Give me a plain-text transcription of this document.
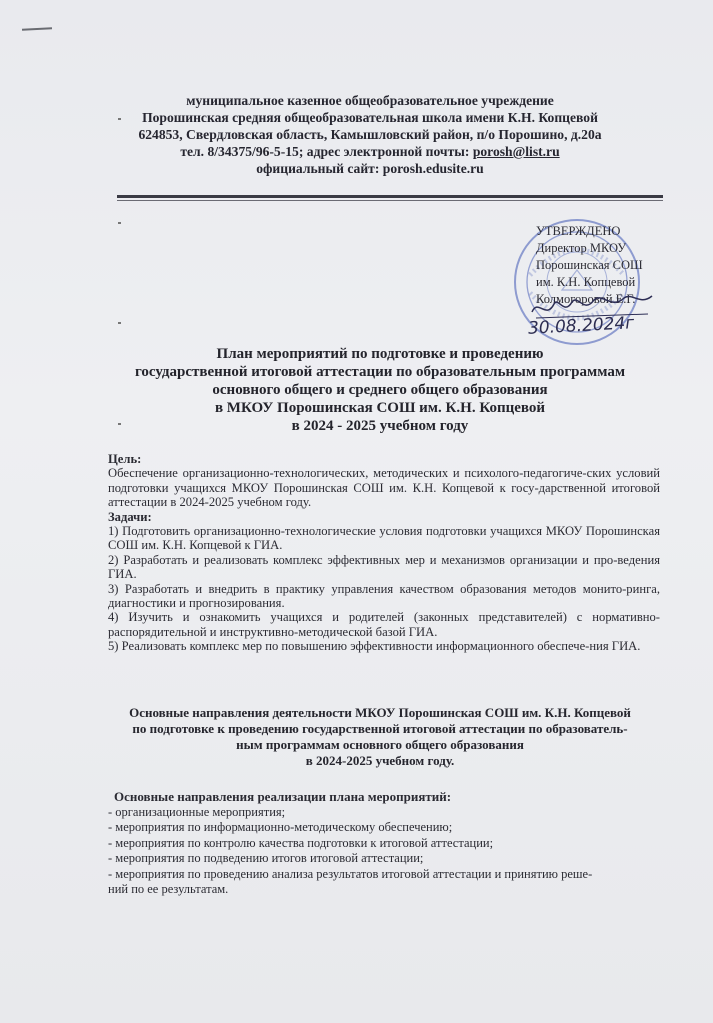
муниципальное казенное общеобразовательное учреждение
Порошинская средняя общеобразовательная школа имени К.Н. Копцевой
624853, Свердловская область, Камышловский район, п/о Порошино, д.20а
тел. 8/34375/96-5-15; адрес электронной почты: porosh@list.ru
официальный сайт: porosh.edusite.ru
УТВЕРЖДЕНО
Директор МКОУ
Порошинская СОШ
им. К.Н. Копцевой
Колмогоровой Е.Г.
30.08.2024г
План мероприятий по подготовке и проведению
государственной итоговой аттестации по образовательным программам
основного общего и среднего общего образования
в МКОУ Порошинская СОШ им. К.Н. Копцевой
в 2024 - 2025 учебном году

Цель:

Обеспечение организационно-технологических, методических и психолого-педагогиче-ских условий подготовки учащихся МКОУ Порошинская СОШ им. К.Н. Копцевой к госу-дарственной итоговой аттестации в 2024-2025 учебном году.

Задачи:

1) Подготовить организационно-технологические условия подготовки учащихся МКОУ Порошинская СОШ им. К.Н. Копцевой к ГИА.

2) Разработать и реализовать комплекс эффективных мер и механизмов организации и про-ведения ГИА.

3) Разработать и внедрить в практику управления качеством образования методов монито-ринга, диагностики и прогнозирования.

4) Изучить и ознакомить учащихся и родителей (законных представителей) с нормативно-распорядительной и инструктивно-методической базой ГИА.

5) Реализовать комплекс мер по повышению эффективности информационного обеспече-ния ГИА.

Основные направления деятельности МКОУ Порошинская СОШ им. К.Н. Копцевой
по подготовке к проведению государственной итоговой аттестации по образователь-
ным программам основного общего образования
в 2024-2025 учебном году.
Основные направления реализации плана мероприятий:
- организационные мероприятия;
- мероприятия по информационно-методическому обеспечению;
- мероприятия по контролю качества подготовки к итоговой аттестации;
- мероприятия по подведению итогов итоговой аттестации;
- мероприятия по проведению анализа результатов итоговой аттестации и принятию реше-
ний по ее результатам.
